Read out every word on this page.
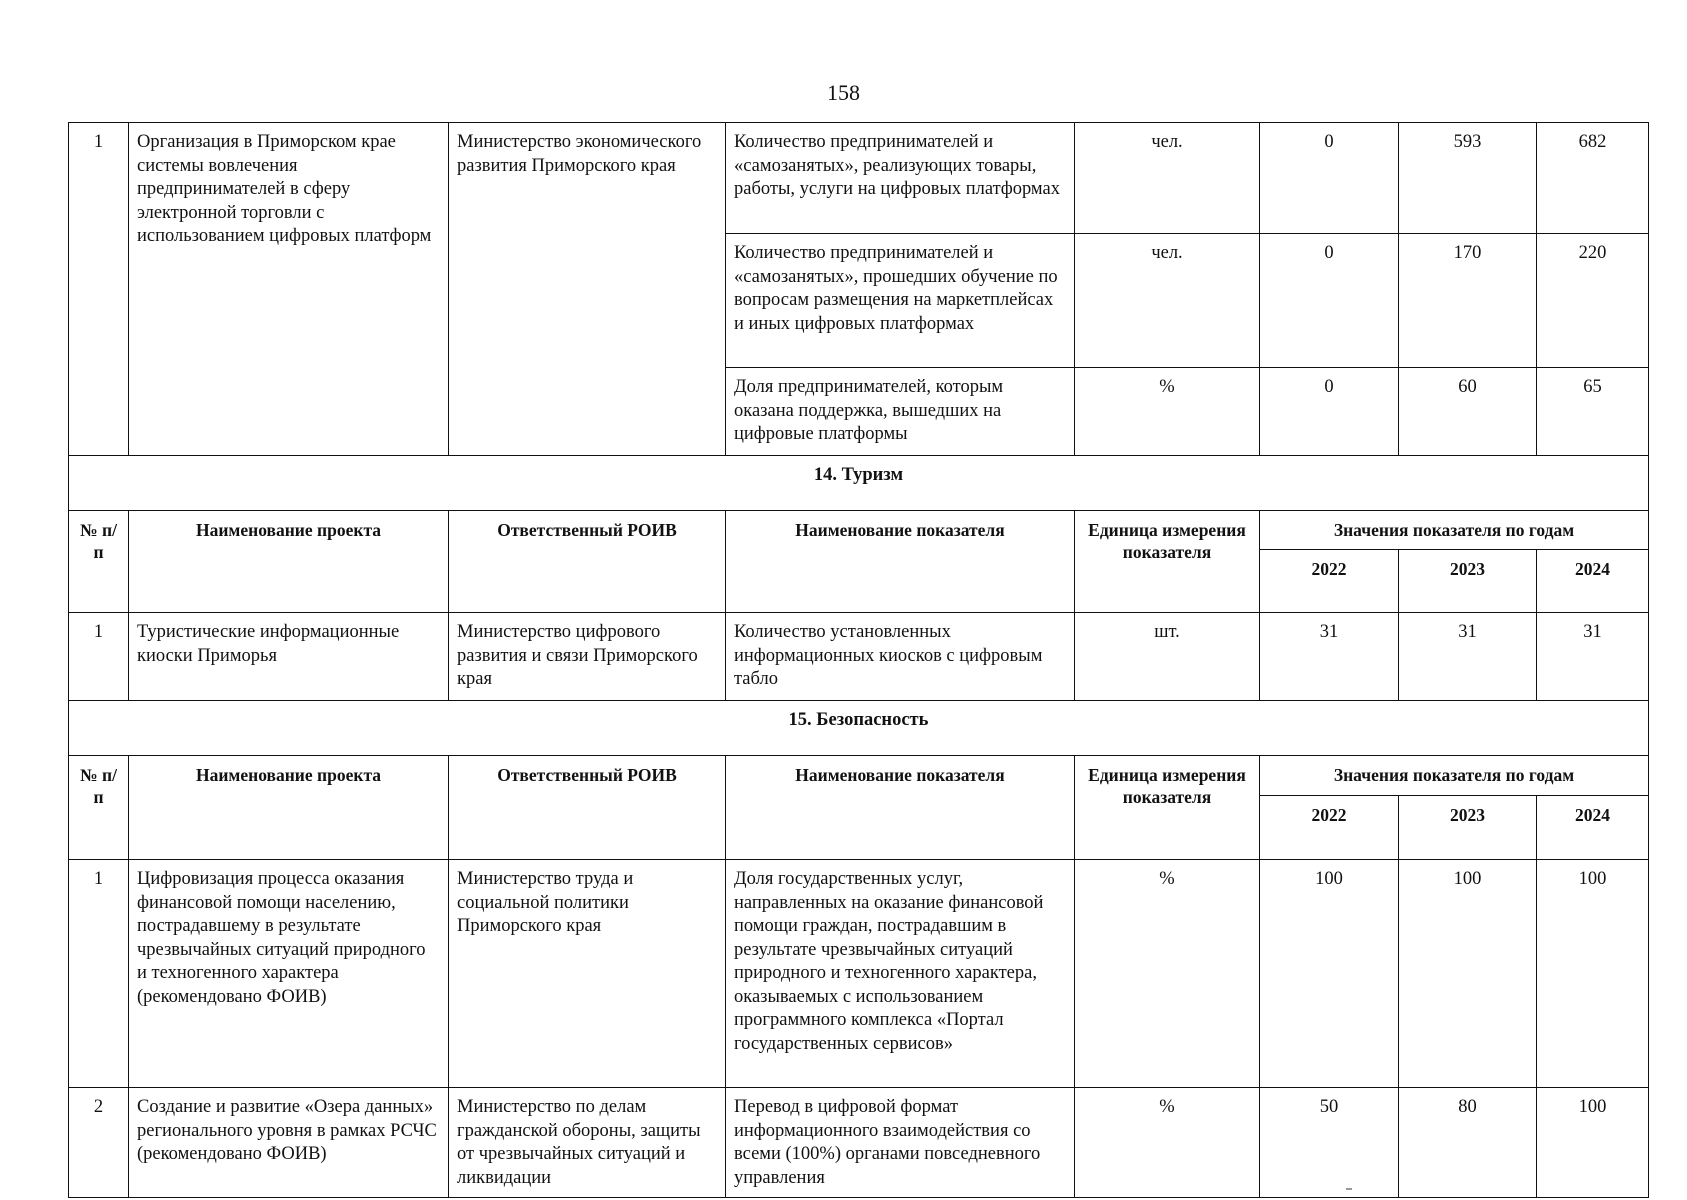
158
1	Организация в Приморском крае системы вовлечения предпринимателей в сферу электронной торговли с использованием цифровых платформ	Министерство экономического развития Приморского края	Количество предпринимателей и «самозанятых», реализующих товары, работы, услуги на цифровых платформах	чел.	0	593	682
			Количество предпринимателей и «самозанятых», прошедших обучение по вопросам размещения на маркетплейсах и иных цифровых платформах	чел.	0	170	220
			Доля предпринимателей, которым оказана поддержка, вышедших на цифровые платформы	%	0	60	65
14. Туризм							
№ п/п	Наименование проекта	Ответственный РОИВ	Наименование показателя	Единица измерения показателя	Значения показателя по годам		
					2022	2023	2024
1	Туристические информационные киоски Приморья	Министерство цифрового развития и связи Приморского края	Количество установленных информационных киосков с цифровым табло	шт.	31	31	31
15. Безопасность							
№ п/п	Наименование проекта	Ответственный РОИВ	Наименование показателя	Единица измерения показателя	Значения показателя по годам		
					2022	2023	2024
1	Цифровизация процесса оказания финансовой помощи населению, пострадавшему в результате чрезвычайных ситуаций природного и техногенного характера (рекомендовано ФОИВ)	Министерство труда и социальной политики Приморского края	Доля государственных услуг, направленных на оказание финансовой помощи граждан, пострадавшим в результате чрезвычайных ситуаций природного и техногенного характера, оказываемых с использованием программного комплекса «Портал государственных сервисов»	%	100	100	100
2	Создание и развитие «Озера данных» регионального уровня в рамках РСЧС (рекомендовано ФОИВ)	Министерство по делам гражданской обороны, защиты от чрезвычайных ситуаций и ликвидации	Перевод в цифровой формат информационного взаимодействия со всеми (100%) органами повседневного управления	%	50	80	100
